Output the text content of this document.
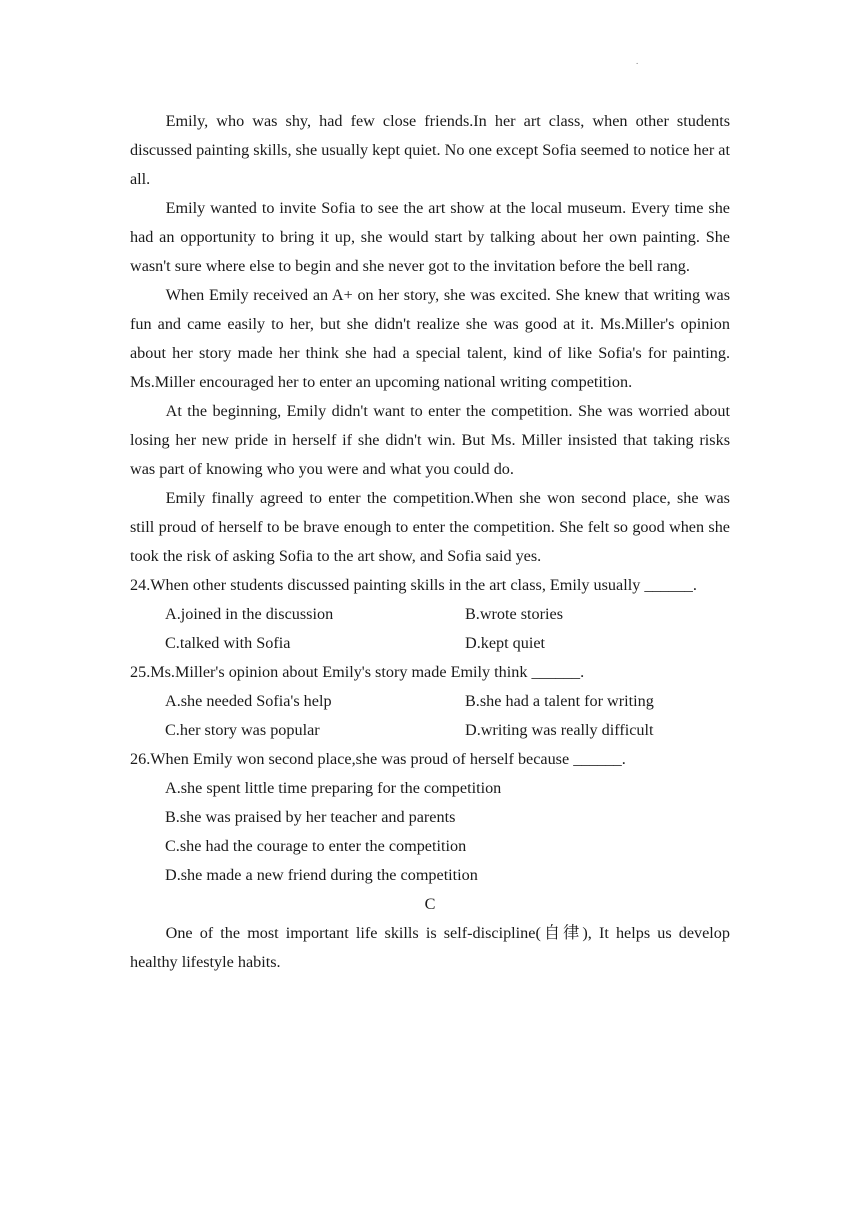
.

Emily, who was shy, had few close friends.In her art class, when other students discussed painting skills, she usually kept quiet. No one except Sofia seemed to notice her at all.

Emily wanted to invite Sofia to see the art show at the local museum. Every time she had an opportunity to bring it up, she would start by talking about her own painting. She wasn't sure where else to begin and she never got to the invitation before the bell rang.

When Emily received an A+ on her story, she was excited. She knew that writing was fun and came easily to her, but she didn't realize she was good at it. Ms.Miller's opinion about her story made her think she had a special talent, kind of like Sofia's for painting. Ms.Miller encouraged her to enter an upcoming national writing competition.

At the beginning, Emily didn't want to enter the competition. She was worried about losing her new pride in herself if she didn't win. But Ms. Miller insisted that taking risks was part of knowing who you were and what you could do.

Emily finally agreed to enter the competition.When she won second place, she was still proud of herself to be brave enough to enter the competition. She felt so good when she took the risk of asking Sofia to the art show, and Sofia said yes.

24.When other students discussed painting skills in the art class, Emily usually ______.

A.joined in the discussion	B.wrote stories

C.talked with Sofia	D.kept quiet

25.Ms.Miller's opinion about Emily's story made Emily think ______.

A.she needed Sofia's help	B.she had a talent for writing

C.her story was popular	D.writing was really difficult

26.When Emily won second place,she was proud of herself because ______.

A.she spent little time preparing for the competition

B.she was praised by her teacher and parents

C.she had the courage to enter the competition

D.she made a new friend during the competition

C

One of the most important life skills is self-discipline(自律), It helps us develop healthy lifestyle habits.
